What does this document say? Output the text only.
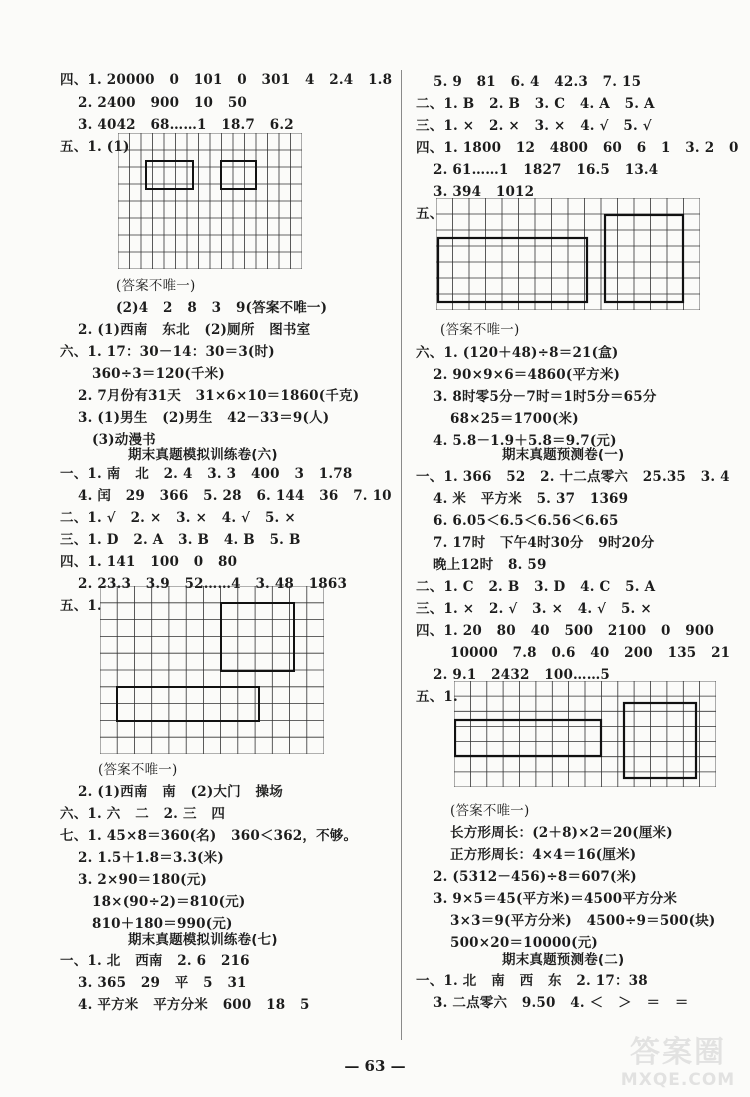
四、1. 20000   0   101   0   301   4   2.4   1.8
2. 2400   900   10   50
3. 4042   68……1   18.7   6.2
五、1. (1)
(答案不唯一)
(2)4   2   8   3   9(答案不唯一)
2. (1)西南   东北   (2)厕所   图书室
六、1. 17：30－14：30＝3(时)
360÷3＝120(千米)
2. 7月份有31天   31×6×10＝1860(千克)
3. (1)男生   (2)男生   42－33＝9(人)
(3)动漫书
期末真题模拟训练卷(六)
一、1. 南   北   2. 4   3. 3   400   3   1.78
4. 闰   29   366   5. 28   6. 144   36   7. 10
二、1. √   2. ×   3. ×   4. √   5. ×
三、1. D   2. A   3. B   4. B   5. B
四、1. 141   100   0   80
2. 23.3   3.9   52……4   3. 48   1863
五、1.
(答案不唯一)
2. (1)西南   南   (2)大门   操场
六、1. 六   二   2. 三   四
七、1. 45×8＝360(名)   360＜362，不够。
2. 1.5＋1.8＝3.3(米)
3. 2×90＝180(元)
18×(90÷2)＝810(元)
810＋180＝990(元)
期末真题模拟训练卷(七)
一、1. 北   西南   2. 6   216
3. 365   29   平   5   31
4. 平方米   平方分米   600   18   5
5. 9   81   6. 4   42.3   7. 15
二、1. B   2. B   3. C   4. A   5. A
三、1. ×   2. ×   3. ×   4. √   5. √
四、1. 1800   12   4800   60   6   1   3. 2   0
2. 61……1   1827   16.5   13.4
3. 394   1012
五、
(答案不唯一)
六、1. (120＋48)÷8＝21(盒)
2. 90×9×6＝4860(平方米)
3. 8时零5分－7时＝1时5分＝65分
68×25＝1700(米)
4. 5.8－1.9＋5.8＝9.7(元)
期末真题预测卷(一)
一、1. 366   52   2. 十二点零六   25.35   3. 4
4. 米   平方米   5. 37   1369
6. 6.05＜6.5＜6.56＜6.65
7. 17时   下午4时30分   9时20分
晚上12时   8. 59
二、1. C   2. B   3. D   4. C   5. A
三、1. ×   2. √   3. ×   4. √   5. ×
四、1. 20   80   40   500   2100   0   900
10000   7.8   0.6   40   200   135   21
2. 9.1   2432   100……5
五、1.
(答案不唯一)
长方形周长：(2＋8)×2＝20(厘米)
正方形周长：4×4＝16(厘米)
2. (5312－456)÷8＝607(米)
3. 9×5＝45(平方米)＝4500平方分米
3×3＝9(平方分米)   4500÷9＝500(块)
500×20＝10000(元)
期末真题预测卷(二)
一、1. 北   南   西   东   2. 17：38
3. 二点零六   9.50   4. ＜   ＞   ＝   ＝
— 63 —	答案圈
MXQE.COM
